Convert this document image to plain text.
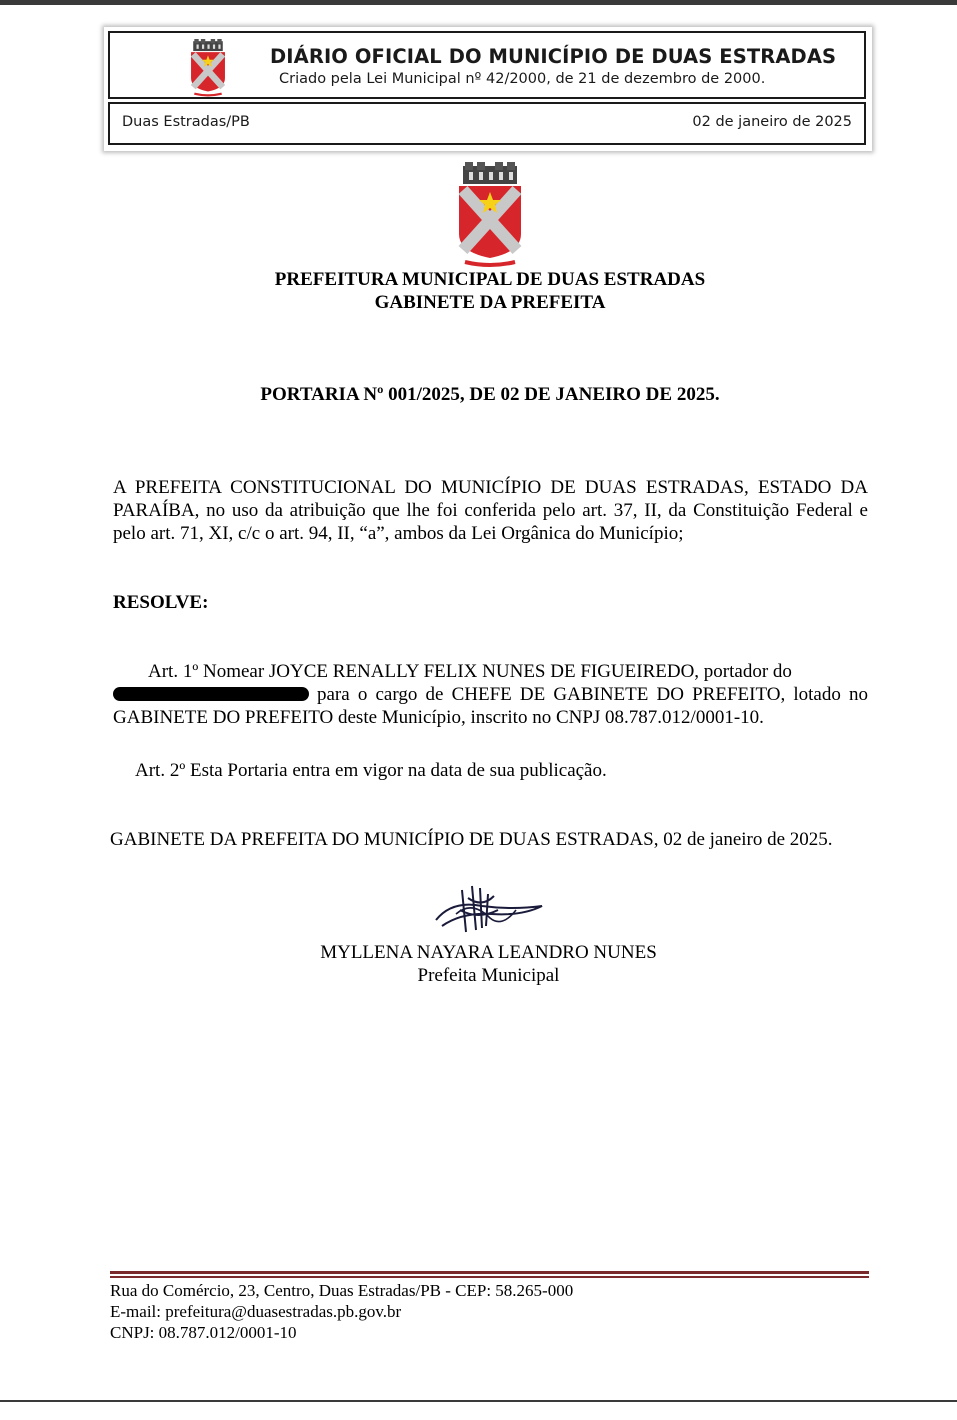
DIÁRIO OFICIAL DO MUNICÍPIO DE DUAS ESTRADAS
Criado pela Lei Municipal nº 42/2000, de 21 de dezembro de 2000.
Duas Estradas/PB	02 de janeiro de 2025
PREFEITURA MUNICIPAL DE DUAS ESTRADAS
GABINETE DA PREFEITA
PORTARIA Nº 001/2025, DE 02 DE JANEIRO DE 2025.
A PREFEITA CONSTITUCIONAL DO MUNICÍPIO DE DUAS ESTRADAS, ESTADO DA PARAÍBA, no uso da atribuição que lhe foi conferida pelo art. 37, II, da Constituição Federal e pelo art. 71, XI, c/c o art. 94, II, “a”, ambos da Lei Orgânica do Município;
RESOLVE:
Art. 1º Nomear JOYCE RENALLY FELIX NUNES DE FIGUEIREDO, portador do
para o cargo de CHEFE DE GABINETE DO PREFEITO, lotado no GABINETE DO PREFEITO deste Município, inscrito no CNPJ 08.787.012/0001-10.
Art. 2º Esta Portaria entra em vigor na data de sua publicação.
GABINETE DA PREFEITA DO MUNICÍPIO DE DUAS ESTRADAS, 02 de janeiro de 2025.
MYLLENA NAYARA LEANDRO NUNES
Prefeita Municipal
Rua do Comércio, 23, Centro, Duas Estradas/PB - CEP: 58.265-000
E-mail: prefeitura@duasestradas.pb.gov.br
CNPJ: 08.787.012/0001-10
